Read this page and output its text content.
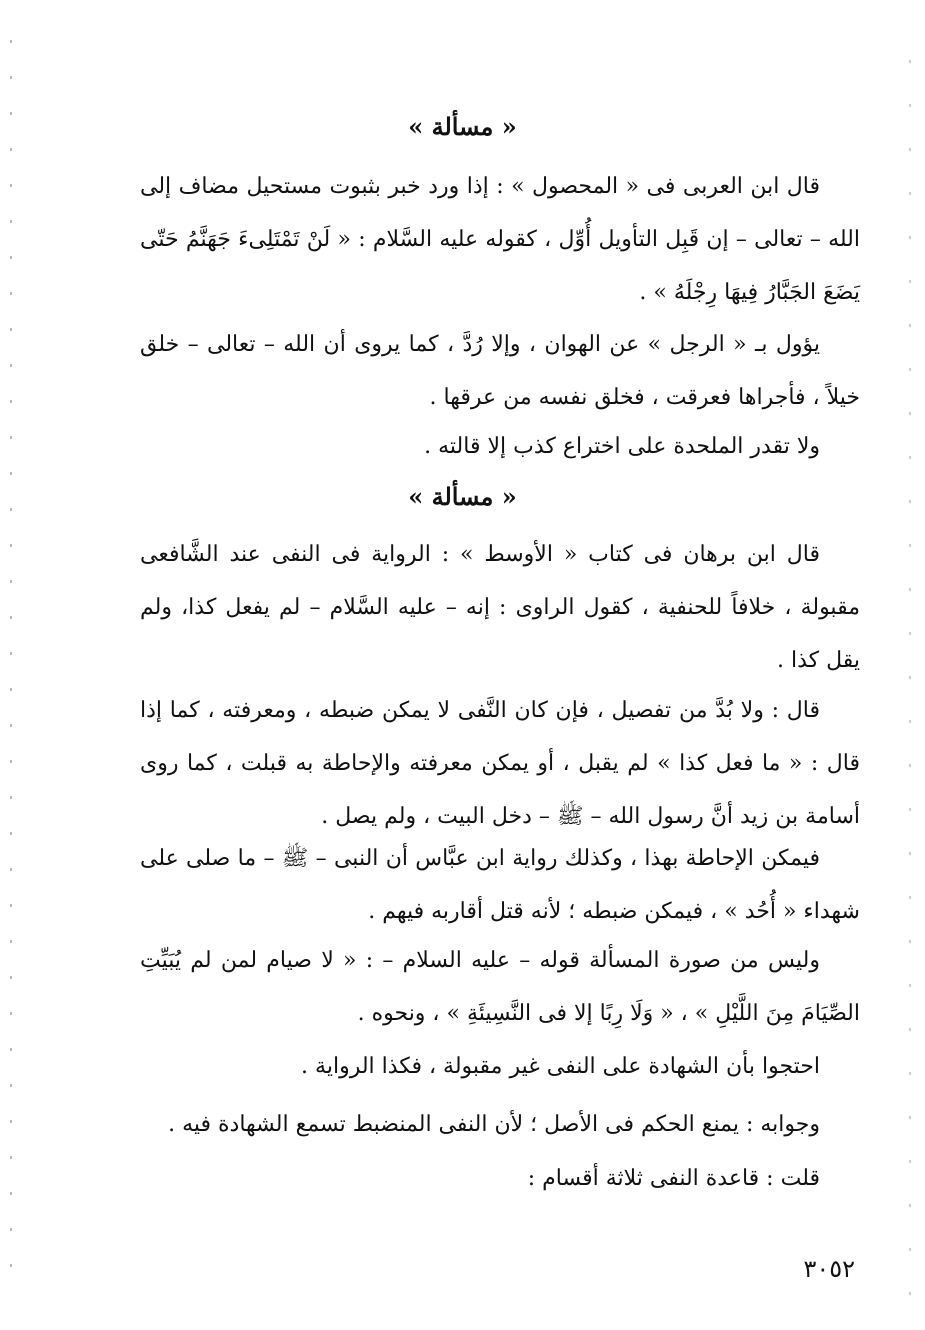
« مسألة »
قال ابن العربى فى « المحصول » : إذا ورد خبر بثبوت مستحيل مضاف إلى الله – تعالى – إن قَبِل التأويل أُوِّل ، كقوله عليه السَّلام : « لَنْ تَمْتَلِىءَ جَهَنَّمُ حَتّى يَضَعَ الجَبَّارُ فِيهَا رِجْلَهُ » .
يؤول بـ « الرجل » عن الهوان ، وإلا رُدَّ ، كما يروى أن الله – تعالى – خلق خيلاً ، فأجراها فعرقت ، فخلق نفسه من عرقها .
ولا تقدر الملحدة على اختراع كذب إلا قالته .
« مسألة »
قال ابن برهان فى كتاب « الأوسط » : الرواية فى النفى عند الشَّافعى مقبولة ، خلافاً للحنفية ، كقول الراوى : إنه – عليه السَّلام – لم يفعل كذا، ولم يقل كذا .
قال : ولا بُدَّ من تفصيل ، فإن كان النَّفى لا يمكن ضبطه ، ومعرفته ، كما إذا قال : « ما فعل كذا » لم يقبل ، أو يمكن معرفته والإحاطة به قبلت ، كما روى أسامة بن زيد أنَّ رسول الله – ﷺ – دخل البيت ، ولم يصل .
فيمكن الإحاطة بهذا ، وكذلك رواية ابن عبَّاس أن النبى – ﷺ – ما صلى على شهداء « أُحُد » ، فيمكن ضبطه ؛ لأنه قتل أقاربه فيهم .
وليس من صورة المسألة قوله – عليه السلام – : « لا صيام لمن لم يُبَيِّتِ الصِّيَامَ مِنَ اللَّيْلِ » ، « وَلَا رِبًا إلا فى النَّسِيئَةِ » ، ونحوه .
احتجوا بأن الشهادة على النفى غير مقبولة ، فكذا الرواية .
وجوابه : يمنع الحكم فى الأصل ؛ لأن النفى المنضبط تسمع الشهادة فيه .
قلت : قاعدة النفى ثلاثة أقسام :
٣٠٥٢
